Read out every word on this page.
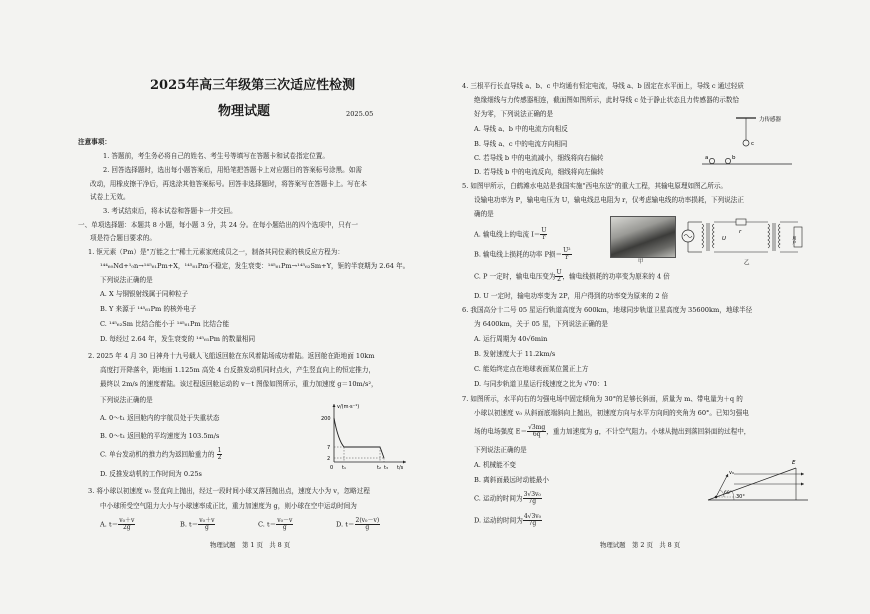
2025年高三年级第三次适应性检测
物理试题	2025.05
注意事项：
1. 答题前，考生务必将自己的姓名、考生号等填写在答题卡和试卷指定位置。
2. 回答选择题时，选出每小题答案后，用铅笔把答题卡上对应题目的答案标号涂黑。如需
改动，用橡皮擦干净后，再选涂其他答案标号。回答非选择题时，将答案写在答题卡上。写在本
试卷上无效。
3. 考试结束后，将本试卷和答题卡一并交回。
一、单项选择题：本题共 8 小题，每小题 3 分，共 24 分。在每小题给出的四个选项中，只有一
项是符合题目要求的。
1. 钷元素（Pm）是"万能之土"稀土元素家庭成员之一，制备其同位素的核反应方程为：
¹⁴⁴₆₀Nd+¹₀n→¹⁴⁵₆₁Pm+X，¹⁴⁵₆₁Pm不稳定，发生衰变：¹⁴⁵₆₁Pm→¹⁴⁵₆₂Sm+Y，钷的半衰期为 2.64 年。
下列说法正确的是
A. X 与铜银射线属于同种粒子
B. Y 来源于 ¹⁴⁵₆₁Pm 的核外电子
C. ¹⁴⁵₆₂Sm 比结合能小于 ¹⁴⁵₆₁Pm 比结合能
D. 每经过 2.64 年，发生衰变的 ¹⁴⁵₆₁Pm 的数量相同
2. 2025 年 4 月 30 日神舟十九号载人飞船返回舱在东风着陆场成功着陆。返回舱在距地面 10km
高度打开降落伞，距地面 1.125m 高处 4 台反推发动机同时点火，产生竖直向上的恒定推力，
最终以 2m/s 的速度着陆。该过程返回舱运动的 v－t 图像如图所示，重力加速度 g＝10m/s²，
下列说法正确的是
A. 0～t₁ 返回舱内的宇航员处于失重状态
B. 0～t₁ 返回舱的平均速度为 103.5m/s
C. 单台发动机的推力约为返回舱重力的 $\frac{1}{2}$
D. 反推发动机的工作时间为 0.25s
v/(m·s⁻¹)
t/s
200
7
2
0 t₁	t₂ t₃
3. 将小球以初速度 v₀ 竖直向上抛出，经过一段时间小球又落回抛出点，速度大小为 v，忽略过程
中小球所受空气阻力大小与小球速率成正比，重力加速度为 g，则小球在空中运动时间为
A. $t= \frac{\text{v₀＋v}}{2g}$	B. $t= \frac{\text{v₀＋v}}{g}$	C. $t= \frac{\text{v₀－v}}{g}$	D. $t= \frac{\text{2(v₀－v)}}{g}$
物理试题　第 1 页　共 8 页
4. 三根平行长直导线 a、b、c 中均通有恒定电流，导线 a、b 固定在水平面上，导线 c 通过轻质
绝缘细线与力传感器相连，截面图如图所示，此时导线 c 处于静止状态且力传感器的示数恰
好为零，下列说法正确的是
A. 导线 a、b 中的电流方向相反
B. 导线 a、c 中的电流方向相同
C. 若导线 b 中的电流减小，细线将向右偏转
D. 若导线 b 中的电流反向，细线将向左偏转
力传感器
c
a	b
5. 如图甲所示，白鹤滩水电站是我国实施"西电东送"的重大工程，其输电原理如图乙所示。
设输电功率为 P，输电电压为 U，输电线总电阻为 r，仅考虑输电线的功率损耗，下列说法正
确的是
A. 输电线上的电流 $I= \frac{U}{r}$
B. 输电线上损耗的功率 P损＝ $\frac{\text{U²}}{r}$
C. P 一定时，输电电压变为 $\frac{U}{2}$ ，输电线损耗的功率变为原来的 4 倍
D. U 一定时，输电功率变为 2P，用户得到的功率变为原来的 2 倍
甲
U
r
用户
乙
6. 我国高分十二号 05 星运行轨道高度为 600km，地球同步轨道卫星高度为 35600km，地球半径
为 6400km，关于 05 星，下列说法正确的是
A. 运行周期为 40√6min
B. 发射速度大于 11.2km/s
C. 能始终定点在地球表面某位置正上方
D. 与同步轨道卫星运行线速度之比为 √70：1
7. 如图所示，水平向右的匀强电场中固定倾角为 30°的足够长斜面，质量为 m、带电量为＋q 的
小球以初速度 v₀ 从斜面底端斜向上抛出，初速度方向与水平方向间的夹角为 60°。已知匀强电
场的电场强度 $E= \frac{√3mg}{6q}$ ，重力加速度为 g，不计空气阻力。小球从抛出到落回斜面的过程中，
下列说法正确的是
A. 机械能不变
B. 离斜面最远时动能最小
C. 运动的时间为 $\frac{\text{3√3v₀}}{7g}$
D. 运动的时间为 $\frac{\text{4√3v₀}}{7g}$
E
v₀
60°
30°
物理试题　第 2 页　共 8 页
